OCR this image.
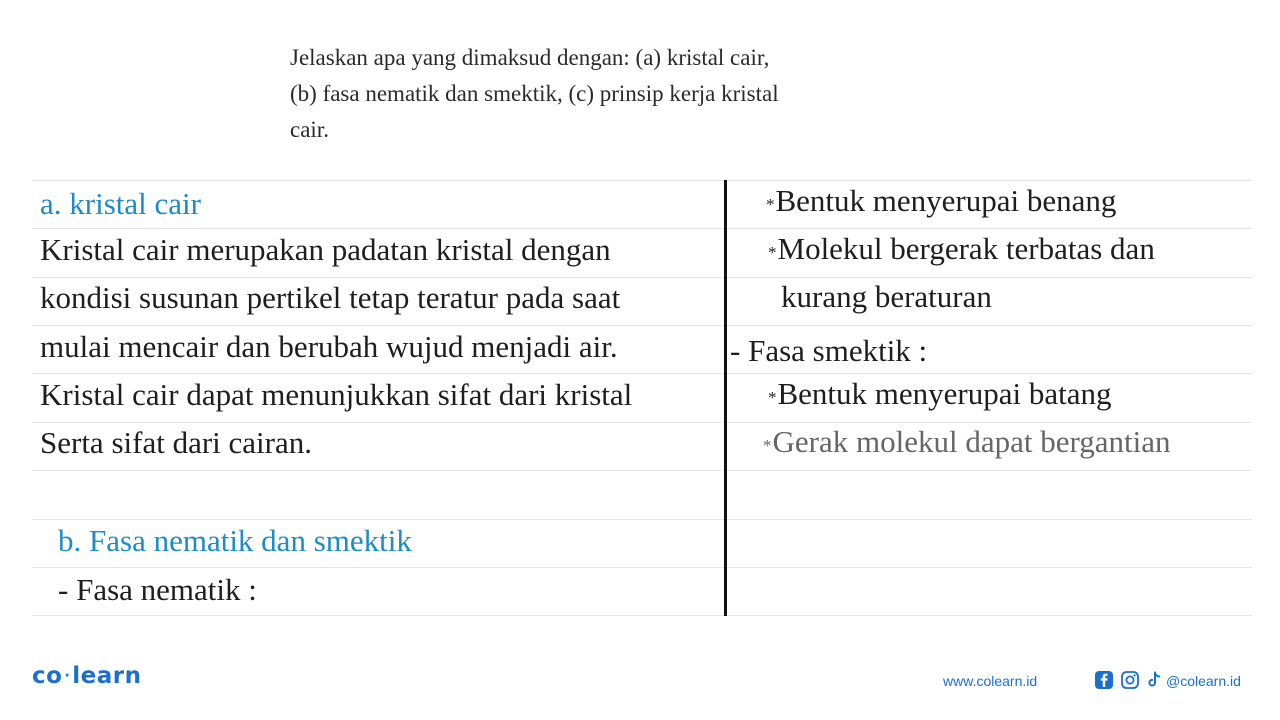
Jelaskan apa yang dimaksud dengan: (a) kristal cair,
(b) fasa nematik dan smektik, (c) prinsip kerja kristal
cair.
a. kristal cair
Kristal cair merupakan padatan kristal dengan
kondisi susunan pertikel tetap teratur pada saat
mulai mencair dan berubah wujud menjadi air.
Kristal cair dapat menunjukkan sifat dari kristal
Serta sifat dari cairan.
b. Fasa nematik dan smektik
- Fasa nematik :
*Bentuk menyerupai benang
*Molekul bergerak terbatas dan
kurang beraturan
- Fasa smektik :
*Bentuk menyerupai batang
*Gerak molekul dapat bergantian
co ·learn	www.colearn.id	@colearn.id
